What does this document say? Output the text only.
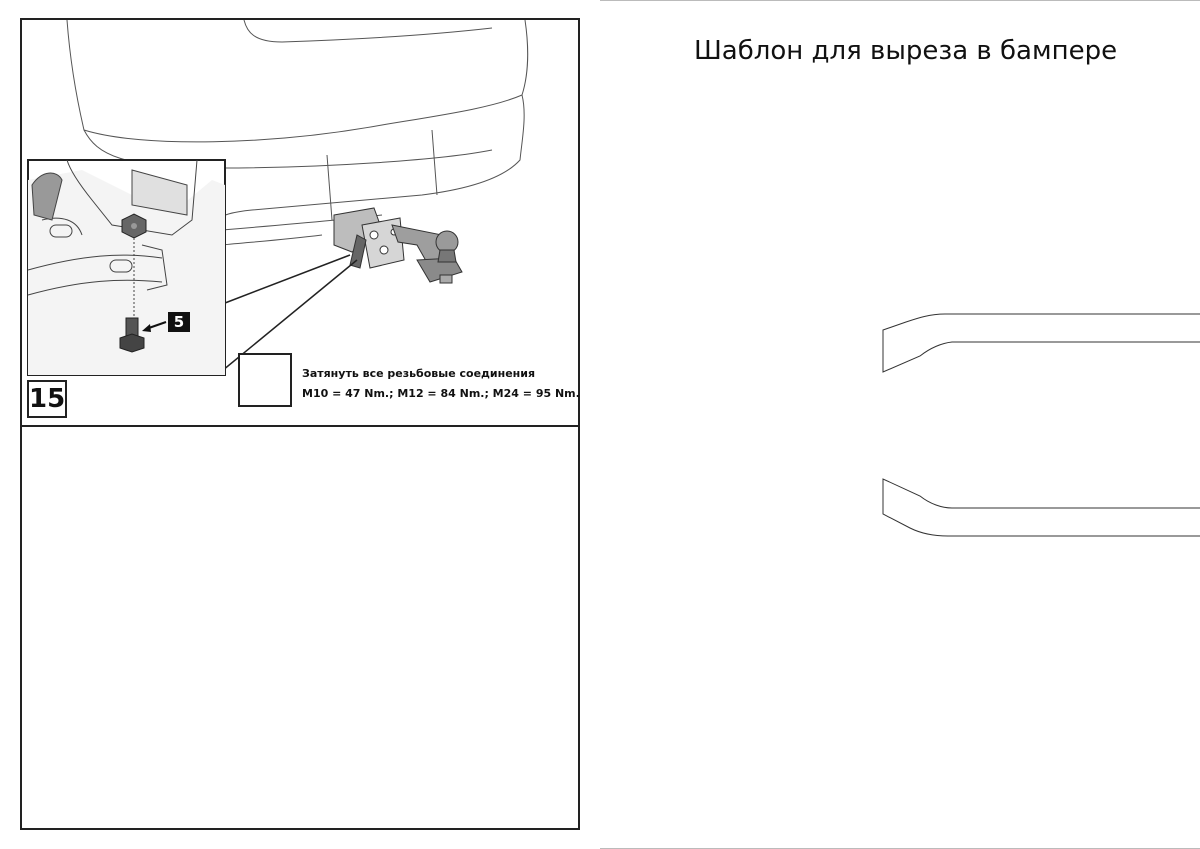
5
Затянуть все резьбовые соединения
M10 = 47 Nm.; M12 = 84 Nm.; M24 = 95 Nm.
15
Шаблон для выреза в бампере
